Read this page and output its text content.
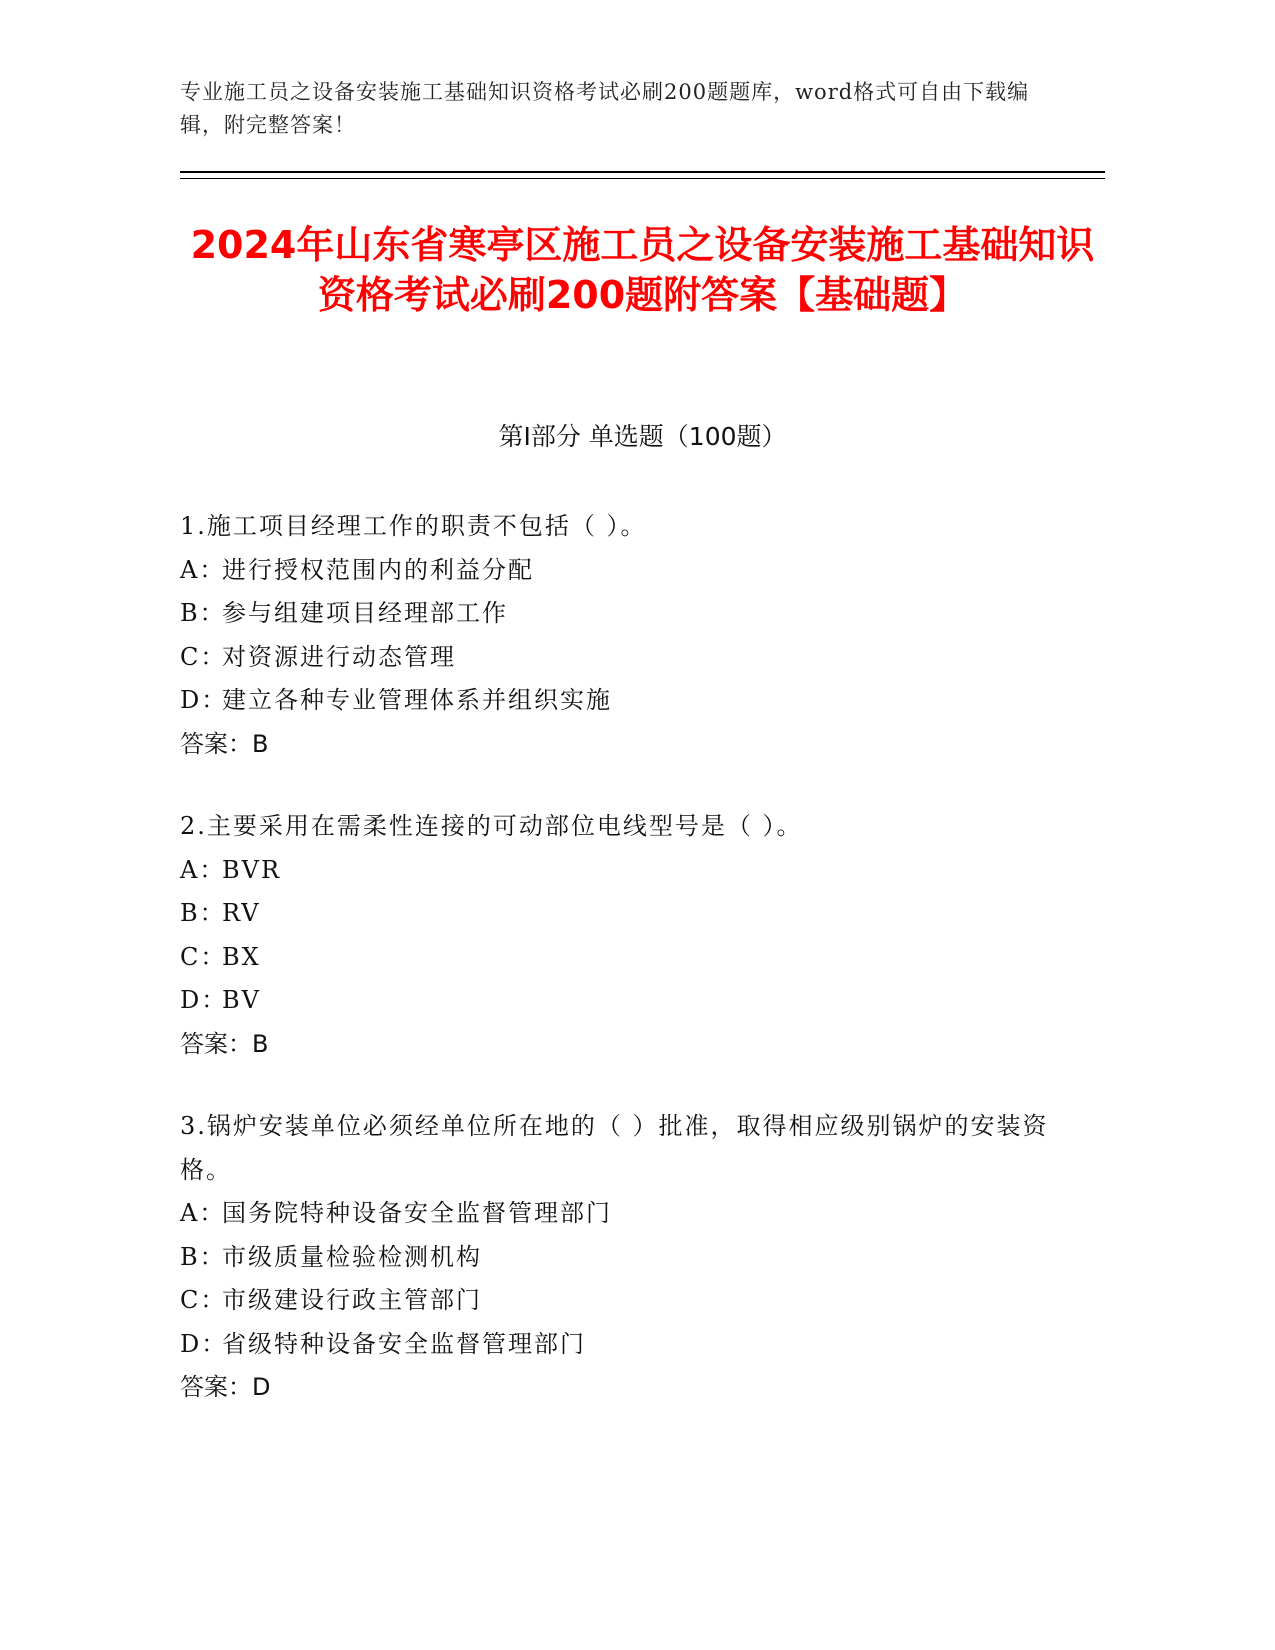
专业施工员之设备安装施工基础知识资格考试必刷200题题库，word格式可自由下载编辑，附完整答案！
2024年山东省寒亭区施工员之设备安装施工基础知识资格考试必刷200题附答案【基础题】
第I部分 单选题（100题）
1.施工项目经理工作的职责不包括（ ）。
A：进行授权范围内的利益分配
B：参与组建项目经理部工作
C：对资源进行动态管理
D：建立各种专业管理体系并组织实施
答案：B
2.主要采用在需柔性连接的可动部位电线型号是（ ）。
A：BVR
B：RV
C：BX
D：BV
答案：B
3.锅炉安装单位必须经单位所在地的（ ）批准，取得相应级别锅炉的安装资格。
A：国务院特种设备安全监督管理部门
B：市级质量检验检测机构
C：市级建设行政主管部门
D：省级特种设备安全监督管理部门
答案：D
